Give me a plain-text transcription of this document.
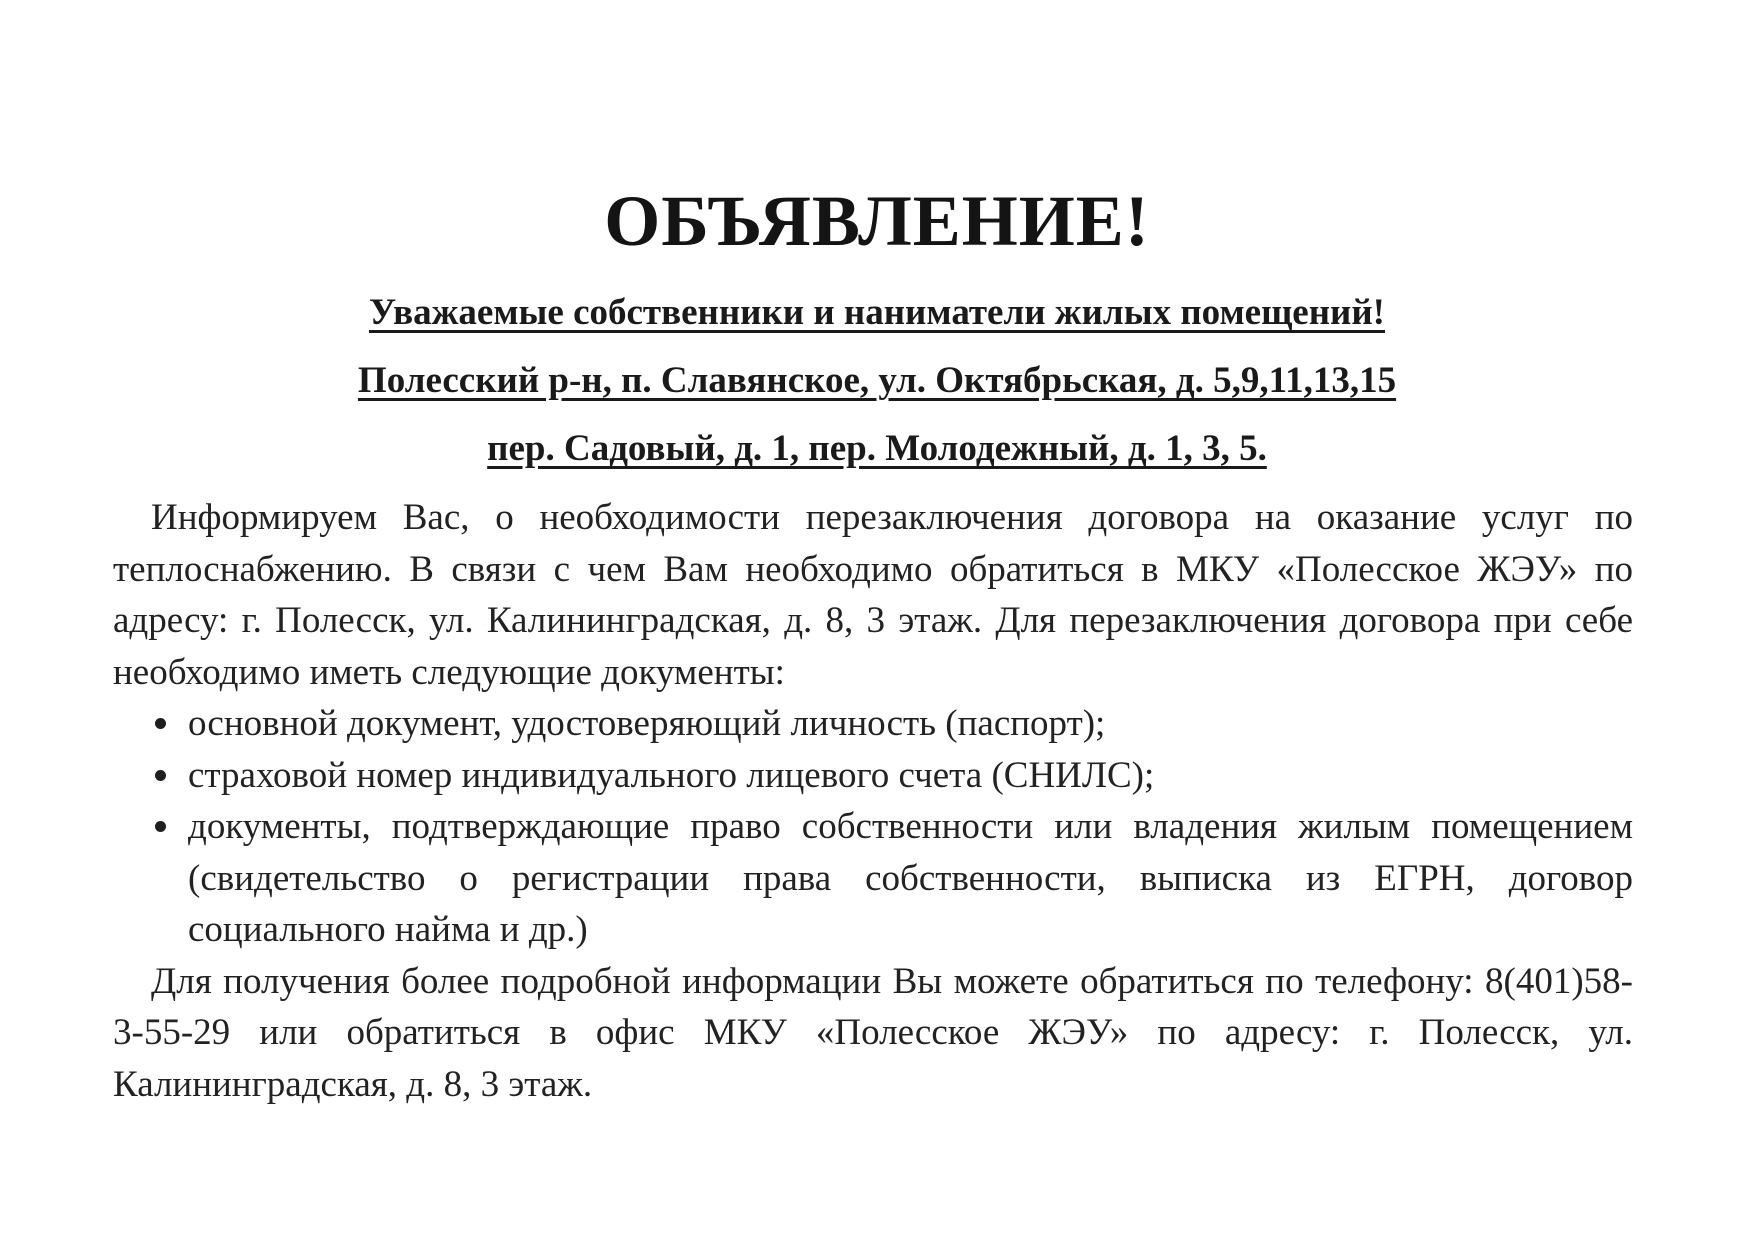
ОБЪЯВЛЕНИЕ!
Уважаемые собственники и наниматели жилых помещений!
Полесский р-н, п. Славянское, ул. Октябрьская, д. 5,9,11,13,15
пер. Садовый, д. 1, пер. Молодежный, д. 1, 3, 5.

Информируем Вас, о необходимости перезаключения договора на оказание услуг по теплоснабжению. В связи с чем Вам необходимо обратиться в МКУ «Полесское ЖЭУ» по адресу: г. Полесск, ул. Калининградская, д. 8, 3 этаж. Для перезаключения договора при себе необходимо иметь следующие документы:

основной документ, удостоверяющий личность (паспорт);
страховой номер индивидуального лицевого счета (СНИЛС);
документы, подтверждающие право собственности или владения жилым помещением (свидетельство о регистрации права собственности, выписка из ЕГРН, договор социального найма и др.)

Для получения более подробной информации Вы можете обратиться по телефону: 8(401)58-3-55-29 или обратиться в офис МКУ «Полесское ЖЭУ» по адресу: г. Полесск, ул. Калининградская, д. 8, 3 этаж.
